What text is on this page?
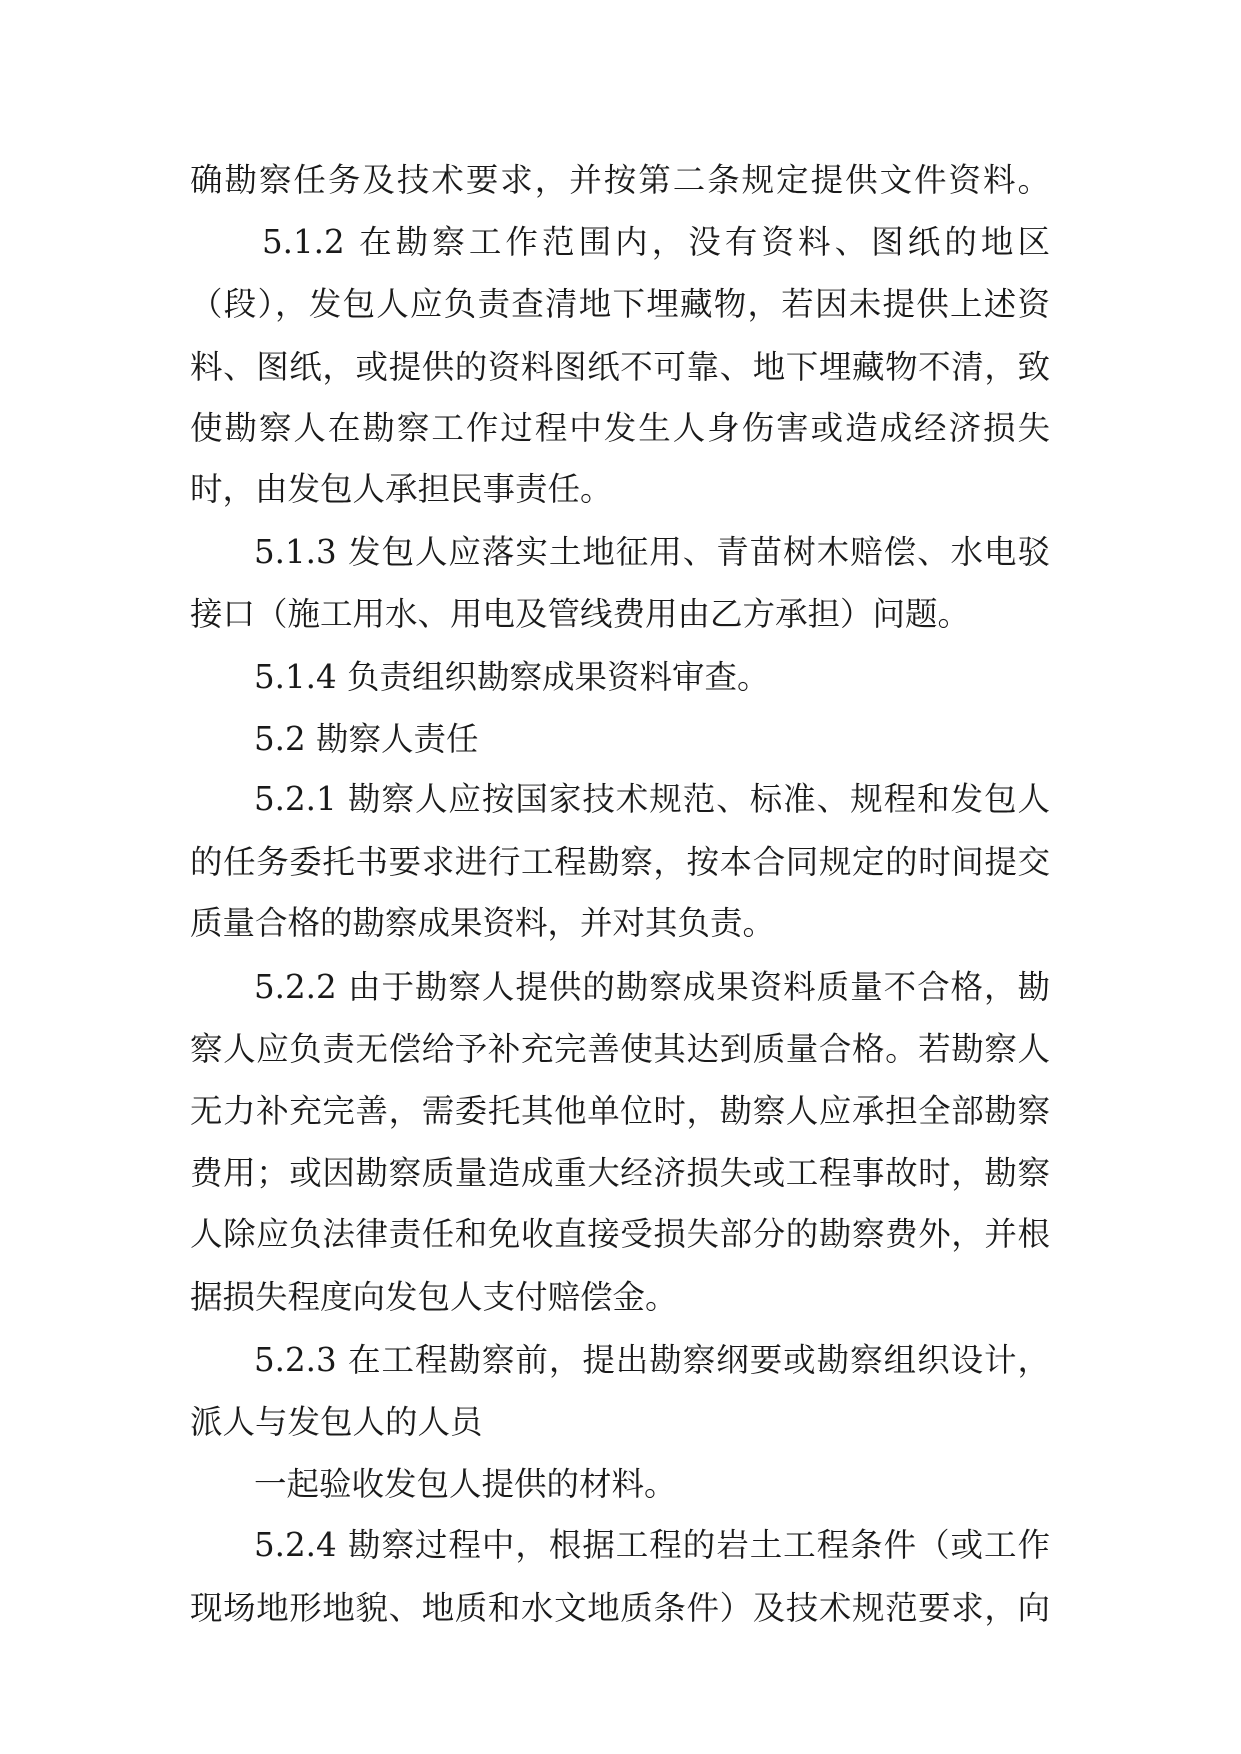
确勘察任务及技术要求，并按第二条规定提供文件资料。
5.1.2 在勘察工作范围内，没有资料、图纸的地区
（段），发包人应负责查清地下埋藏物，若因未提供上述资
料、图纸，或提供的资料图纸不可靠、地下埋藏物不清，致
使勘察人在勘察工作过程中发生人身伤害或造成经济损失
时，由发包人承担民事责任。
5.1.3 发包人应落实土地征用、青苗树木赔偿、水电驳
接口（施工用水、用电及管线费用由乙方承担）问题。
5.1.4 负责组织勘察成果资料审查。
5.2 勘察人责任
5.2.1 勘察人应按国家技术规范、标准、规程和发包人
的任务委托书要求进行工程勘察，按本合同规定的时间提交
质量合格的勘察成果资料，并对其负责。
5.2.2 由于勘察人提供的勘察成果资料质量不合格，勘
察人应负责无偿给予补充完善使其达到质量合格。若勘察人
无力补充完善，需委托其他单位时，勘察人应承担全部勘察
费用；或因勘察质量造成重大经济损失或工程事故时，勘察
人除应负法律责任和免收直接受损失部分的勘察费外，并根
据损失程度向发包人支付赔偿金。
5.2.3 在工程勘察前，提出勘察纲要或勘察组织设计，
派人与发包人的人员
一起验收发包人提供的材料。
5.2.4 勘察过程中，根据工程的岩土工程条件（或工作
现场地形地貌、地质和水文地质条件）及技术规范要求，向
